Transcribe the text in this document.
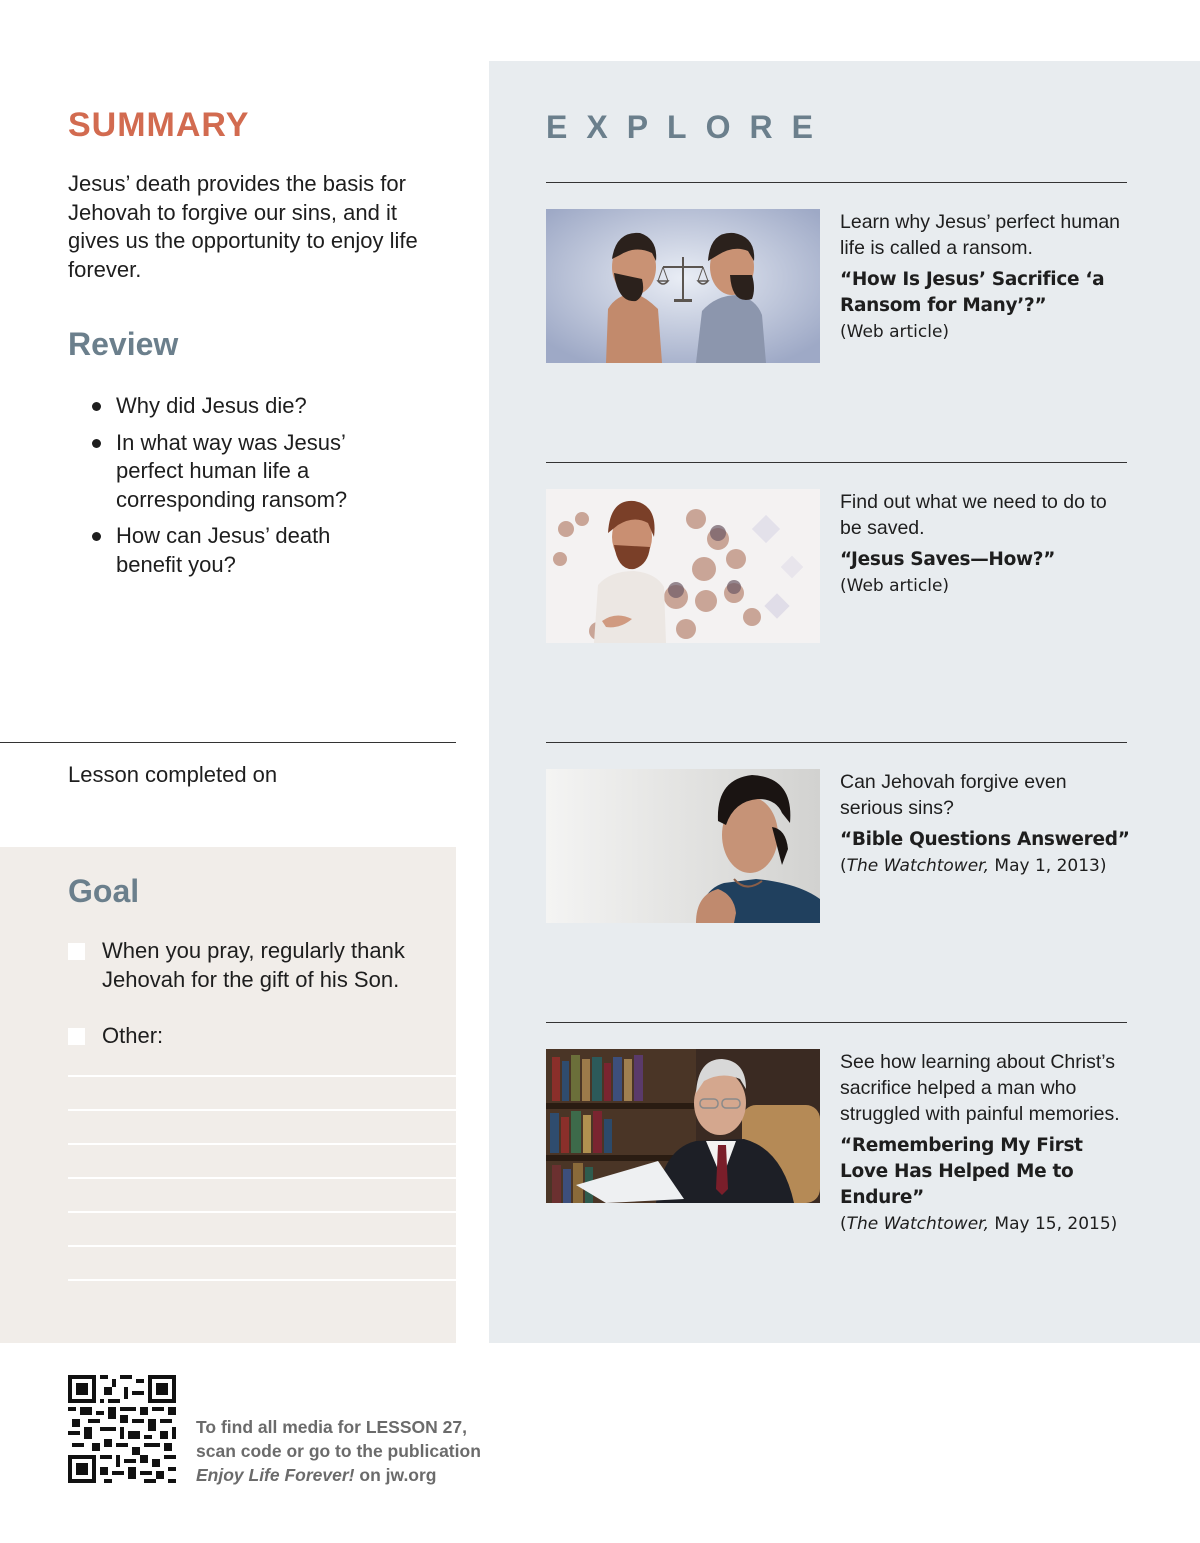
SUMMARY

Jesus’ death provides the basis for Jehovah to forgive our sins, and it gives us the opportunity to enjoy life forever.

Review
Why did Jesus die?
In what way was Jesus’ perfect human life a corresponding ransom?
How can Jesus’ death benefit you?
Lesson completed on
Goal
When you pray, regularly thank Jehovah for the gift of his Son.
Other:
EXPLORE
Learn why Jesus’ perfect human life is called a ransom.
“How Is Jesus’ Sacrifice ‘a Ransom for Many’?”
(Web article)
Find out what we need to do to be saved.
“Jesus Saves—How?”
(Web article)
Can Jehovah forgive even serious sins?
“Bible Questions Answered”
(The Watchtower, May 1, 2013)
See how learning about Christ’s sacrifice helped a man who struggled with painful memories.
“Remembering My First Love Has Helped Me to Endure”
(The Watchtower, May 15, 2015)
To find all media for LESSON 27,
scan code or go to the publication
Enjoy Life Forever! on jw.org
